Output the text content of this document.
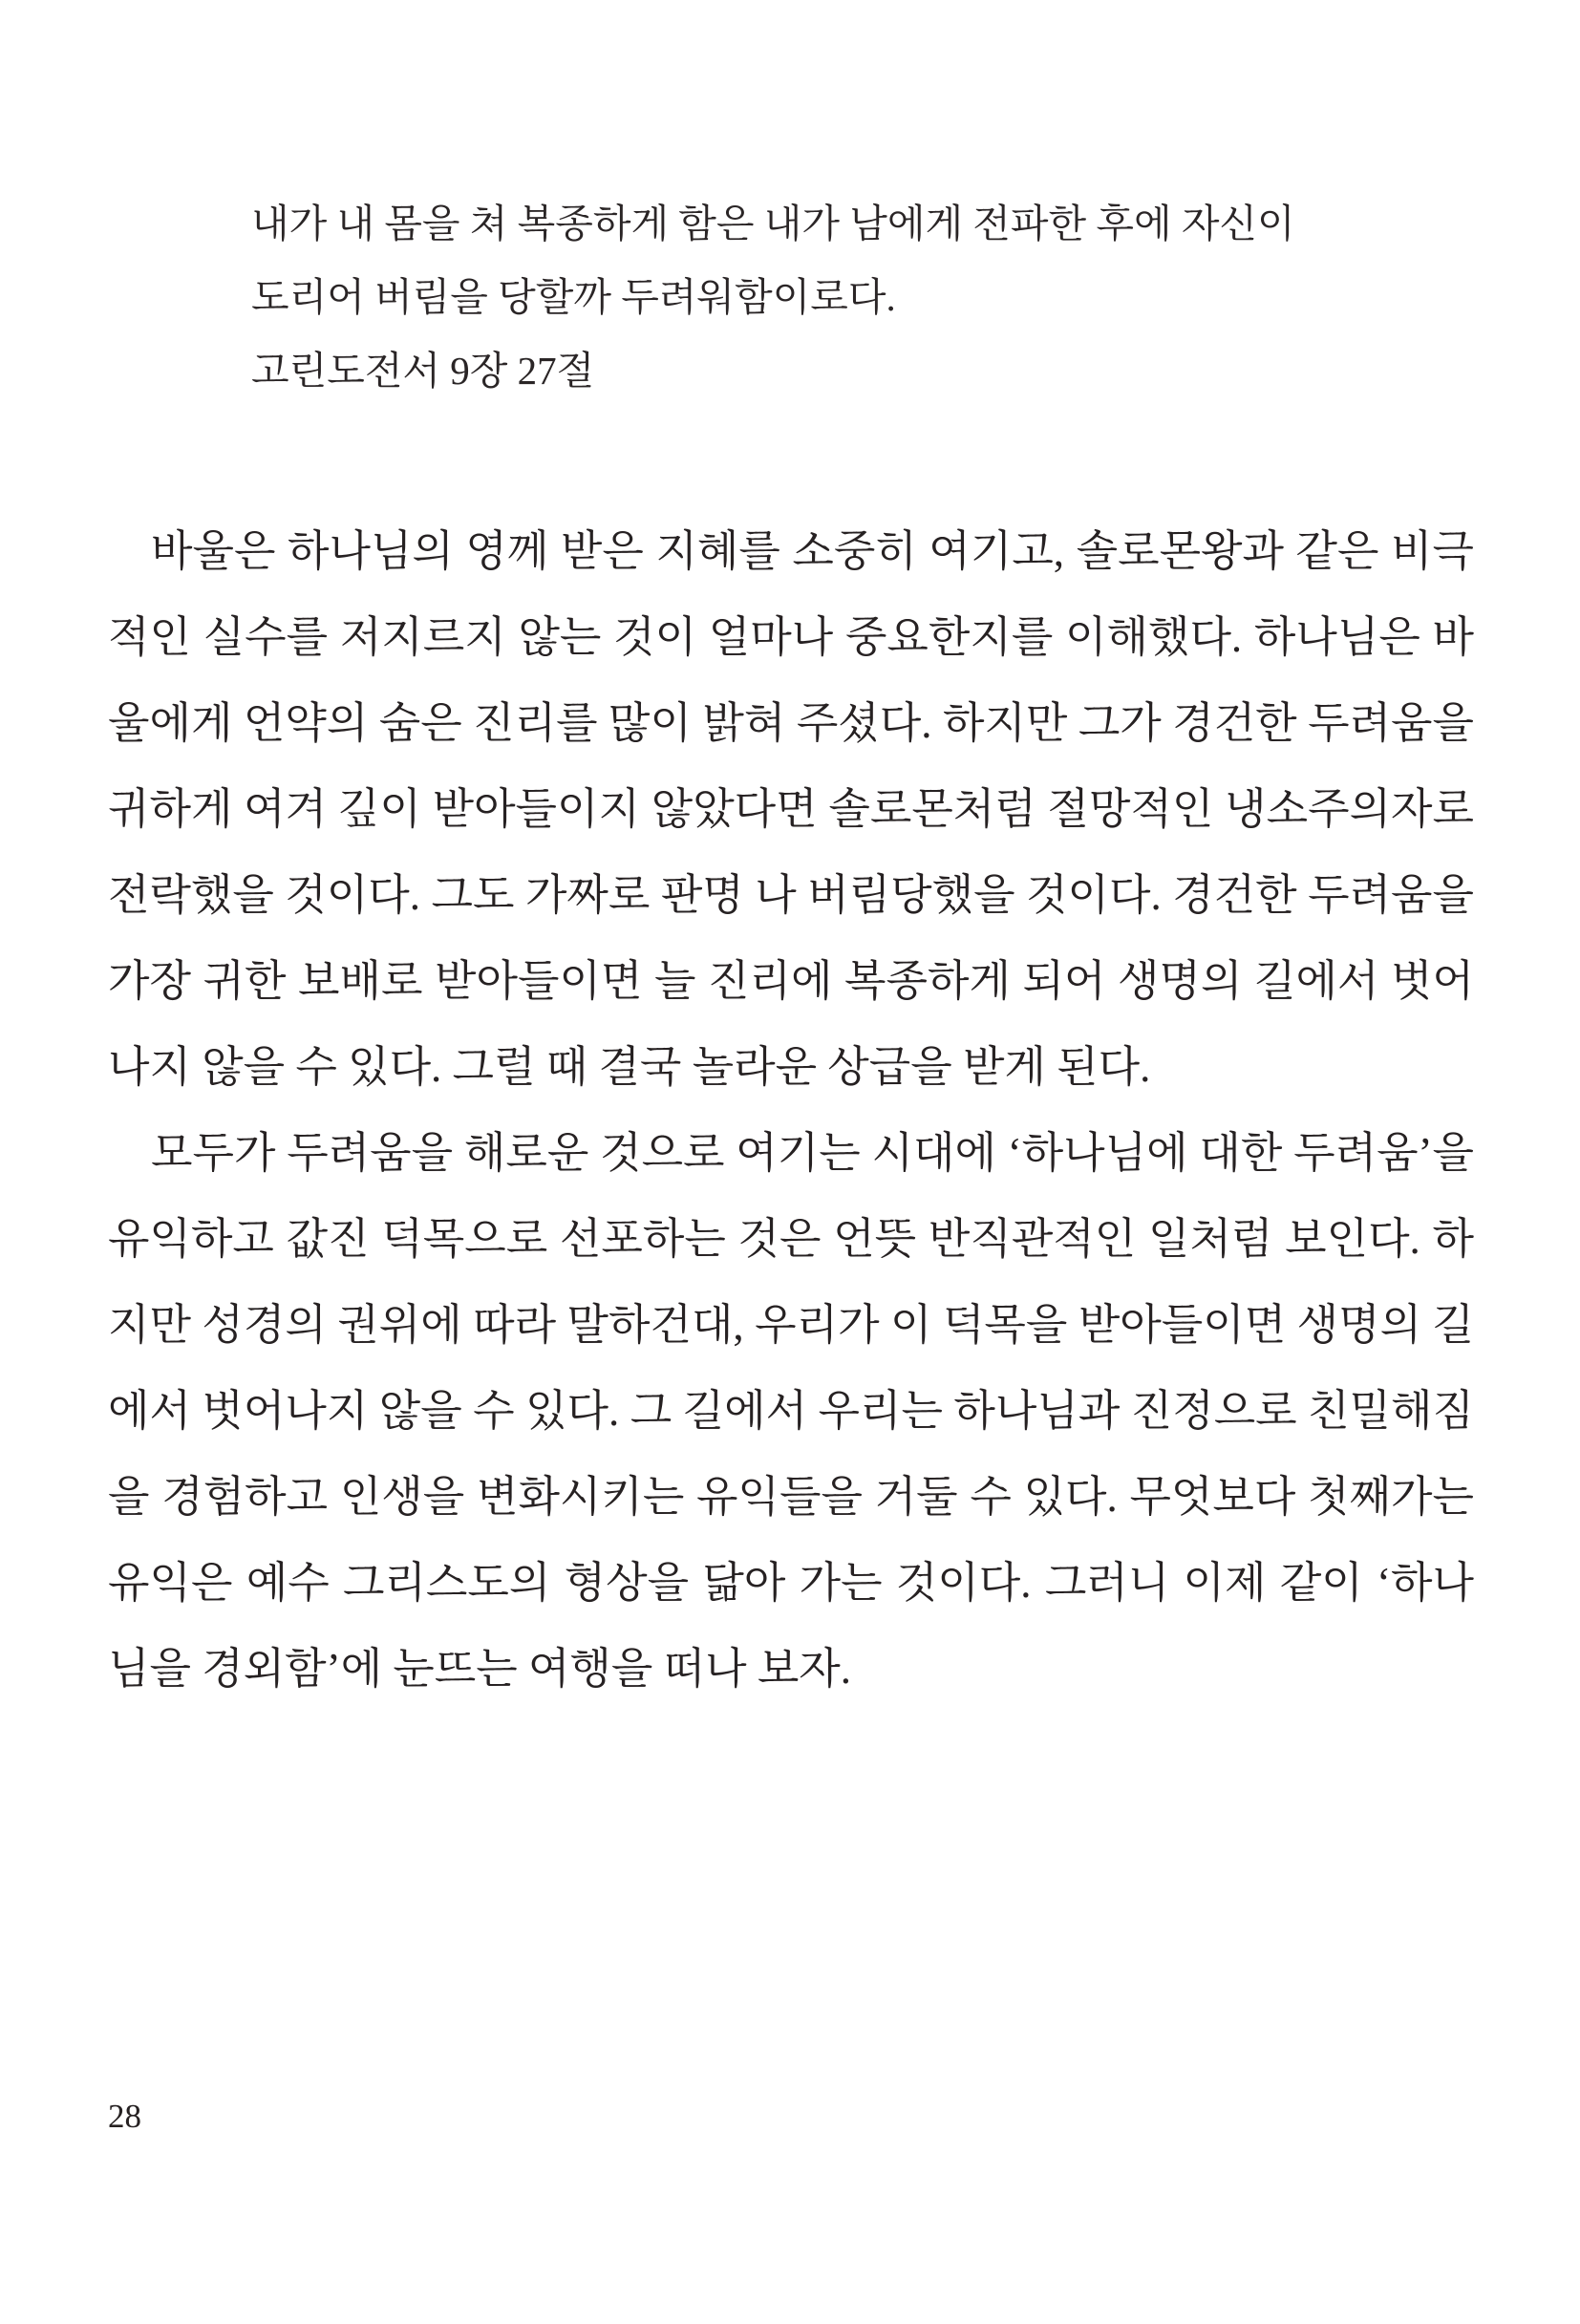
내가 내 몸을 쳐 복종하게 함은 내가 남에게 전파한 후에 자신이
도리어 버림을 당할까 두려워함이로다.
고린도전서 9장 27절

바울은 하나님의 영께 받은 지혜를 소중히 여기고, 솔로몬왕과 같은 비극적인 실수를 저지르지 않는 것이 얼마나 중요한지를 이해했다. 하나님은 바울에게 언약의 숨은 진리를 많이 밝혀 주셨다. 하지만 그가 경건한 두려움을 귀하게 여겨 깊이 받아들이지 않았다면 솔로몬처럼 절망적인 냉소주의자로 전락했을 것이다. 그도 가짜로 판명 나 버림당했을 것이다. 경건한 두려움을 가장 귀한 보배로 받아들이면 늘 진리에 복종하게 되어 생명의 길에서 벗어나지 않을 수 있다. 그럴 때 결국 놀라운 상급을 받게 된다.

모두가 두려움을 해로운 것으로 여기는 시대에 ‘하나님에 대한 두려움’을 유익하고 값진 덕목으로 선포하는 것은 언뜻 반직관적인 일처럼 보인다. 하지만 성경의 권위에 따라 말하건대, 우리가 이 덕목을 받아들이면 생명의 길에서 벗어나지 않을 수 있다. 그 길에서 우리는 하나님과 진정으로 친밀해짐을 경험하고 인생을 변화시키는 유익들을 거둘 수 있다. 무엇보다 첫째가는 유익은 예수 그리스도의 형상을 닮아 가는 것이다. 그러니 이제 같이 ‘하나님을 경외함’에 눈뜨는 여행을 떠나 보자.

28
